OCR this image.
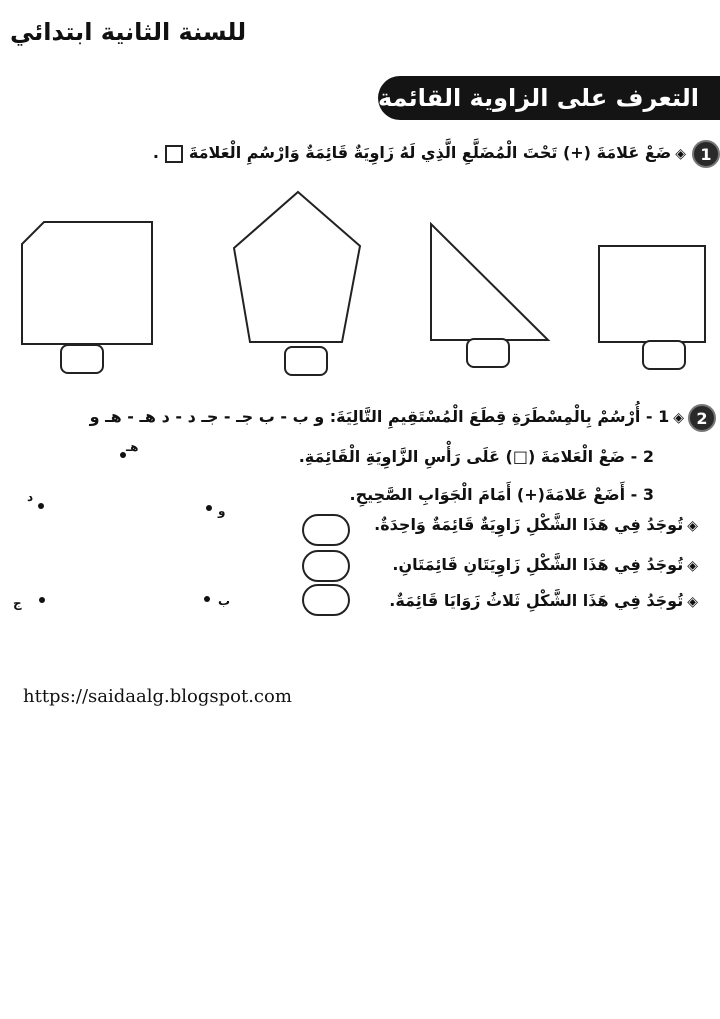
للسنة الثانية ابتدائي
التعرف على الزاوية القائمة
1
◈ضَعْ عَلامَةَ (+) تَحْتَ الْمُضَلَّعِ الَّذِي لَهُ زَاوِيَةٌ قَائِمَةٌ وَارْسُمِ الْعَلامَةَ.
2
◈1 - أُرْسُمْ بِالْمِسْطَرَةِ قِطَعَ الْمُسْتَقِيمِ التَّالِيَةَ: و ب - ب جـ - جـ د - د هـ - هـ و
2 - ضَعْ الْعَلامَةَ (□) عَلَى رَأْسِ الزَّاوِيَةِ الْقَائِمَةِ.
3 - أَضَعْ عَلامَةَ(+) أَمَامَ الْجَوَابِ الصَّحِيحِ.
◈تُوجَدُ فِي هَذَا الشَّكْلِ زَاوِيَةٌ قَائِمَةٌ وَاحِدَةٌ.
◈تُوجَدُ فِي هَذَا الشَّكْلِ زَاوِيَتَانِ قَائِمَتَانِ.
◈تُوجَدُ فِي هَذَا الشَّكْلِ ثَلاثُ زَوَايَا قَائِمَةٌ.
هـ
د
و
ج	ب
https://saidaalg.blogspot.com
